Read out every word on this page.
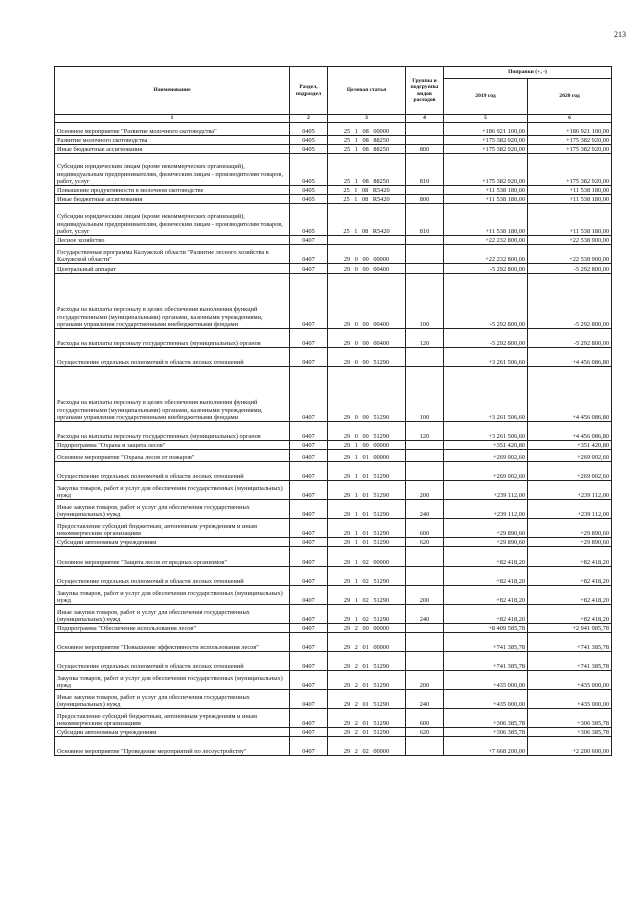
213
Наименование	Раздел, подраздел	Целевая статья	Группы и подгруппы видов расходов	Поправки (+, -)	
				2019 год	2020 год
1	2	3	4	5	6
Основное мероприятие "Развитие молочного скотоводства"	0405	25 1 08 00000		+186 921 100,00	+186 921 100,00
Развитие молочного скотоводства	0405	25 1 08 88250		+175 382 920,00	+175 382 920,00
Иные бюджетные ассигнования	0405	25 1 08 88250	800	+175 382 920,00	+175 382 920,00
Субсидии юридическим лицам (кроме некоммерческих организаций), индивидуальным предпринимателям, физическим лицам - производителям товаров, работ, услуг	0405	25 1 08 88250	810	+175 382 920,00	+175 382 920,00
Повышение продуктивности в молочном скотоводстве	0405	25 1 08 R5420		+11 538 180,00	+11 538 180,00
Иные бюджетные ассигнования	0405	25 1 08 R5420	800	+11 538 180,00	+11 538 180,00
Субсидии юридическим лицам (кроме некоммерческих организаций), индивидуальным предпринимателям, физическим лицам - производителям товаров, работ, услуг	0405	25 1 08 R5420	810	+11 538 180,00	+11 538 180,00
Лесное хозяйство	0407			+22 232 800,00	+22 538 900,00
Государственная программа Калужской области "Развитие лесного хозяйства в Калужской области"	0407	29 0 00 00000		+22 232 800,00	+22 538 900,00
Центральный аппарат	0407	29 0 00 00400		-5 292 800,00	-5 292 800,00
Расходы на выплаты персоналу в целях обеспечения выполнения функций государственными (муниципальными) органами, казенными учреждениями, органами управления государственными внебюджетными фондами	0407	29 0 00 00400	100	-5 292 800,00	-5 292 800,00
Расходы на выплаты персоналу государственных (муниципальных) органов	0407	29 0 00 00400	120	-5 292 800,00	-5 292 800,00
Осуществление отдельных полномочий в области лесных отношений	0407	29 0 00 51290		+3 261 506,60	+4 456 086,80
Расходы на выплаты персоналу в целях обеспечения выполнения функций государственными (муниципальными) органами, казенными учреждениями, органами управления государственными внебюджетными фондами	0407	29 0 00 51290	100	+3 261 506,60	+4 456 086,80
Расходы на выплаты персоналу государственных (муниципальных) органов	0407	29 0 00 51290	120	+3 261 506,60	+4 456 086,80
Подпрограмма "Охрана и защита лесов"	0407	29 1 00 00000		+351 420,80	+351 420,80
Основное мероприятие "Охрана лесов от пожаров"	0407	29 1 01 00000		+269 002,60	+269 002,60
Осуществление отдельных полномочий в области лесных отношений	0407	29 1 01 51290		+269 002,60	+269 002,60
Закупка товаров, работ и услуг для обеспечения государственных (муниципальных) нужд	0407	29 1 01 51290	200	+239 112,00	+239 112,00
Иные закупки товаров, работ и услуг для обеспечения государственных (муниципальных) нужд	0407	29 1 01 51290	240	+239 112,00	+239 112,00
Предоставление субсидий бюджетным, автономным учреждениям и иным некоммерческим организациям	0407	29 1 01 51290	600	+29 890,60	+29 890,60
Субсидии автономным учреждениям	0407	29 1 01 51290	620	+29 890,60	+29 890,60
Основное мероприятие "Защита лесов от вредных организмов"	0407	29 1 02 00000		+82 418,20	+82 418,20
Осуществление отдельных полномочий в области лесных отношений	0407	29 1 02 51290		+82 418,20	+82 418,20
Закупка товаров, работ и услуг для обеспечения государственных (муниципальных) нужд	0407	29 1 02 51290	200	+82 418,20	+82 418,20
Иные закупки товаров, работ и услуг для обеспечения государственных (муниципальных) нужд	0407	29 1 02 51290	240	+82 418,20	+82 418,20
Подпрограмма "Обеспечение использования лесов"	0407	29 2 00 00000		+8 409 585,78	+2 941 985,78
Основное мероприятие "Повышение эффективности использования лесов"	0407	29 2 01 00000		+741 385,78	+741 385,78
Осуществление отдельных полномочий в области лесных отношений	0407	29 2 01 51290		+741 385,78	+741 385,78
Закупка товаров, работ и услуг для обеспечения государственных (муниципальных) нужд	0407	29 2 01 51290	200	+435 000,00	+435 000,00
Иные закупки товаров, работ и услуг для обеспечения государственных (муниципальных) нужд	0407	29 2 01 51290	240	+435 000,00	+435 000,00
Предоставление субсидий бюджетным, автономным учреждениям и иным некоммерческим организациям	0407	29 2 01 51290	600	+306 385,78	+306 385,78
Субсидии автономным учреждениям	0407	29 2 01 51290	620	+306 385,78	+306 385,78
Основное мероприятие "Проведение мероприятий по лесоустройству"	0407	29 2 02 00000		+7 668 200,00	+2 200 600,00
